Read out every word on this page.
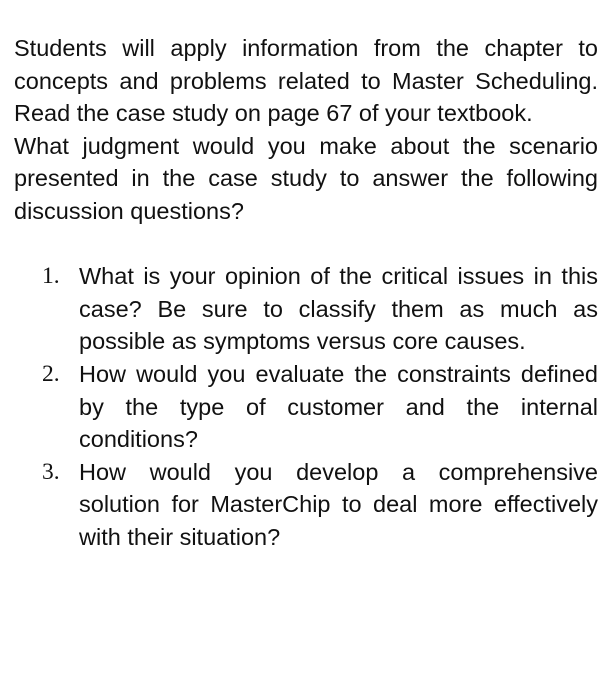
Students will apply information from the chapter to concepts and problems related to Master Scheduling. Read the case study on page 67 of your textbook.

What judgment would you make about the scenario presented in the case study to answer the following discussion questions?

1. What is your opinion of the critical issues in this case? Be sure to classify them as much as possible as symptoms versus core causes.
2. How would you evaluate the constraints defined by the type of customer and the internal conditions?
3. How would you develop a comprehensive solution for MasterChip to deal more effectively with their situation?
